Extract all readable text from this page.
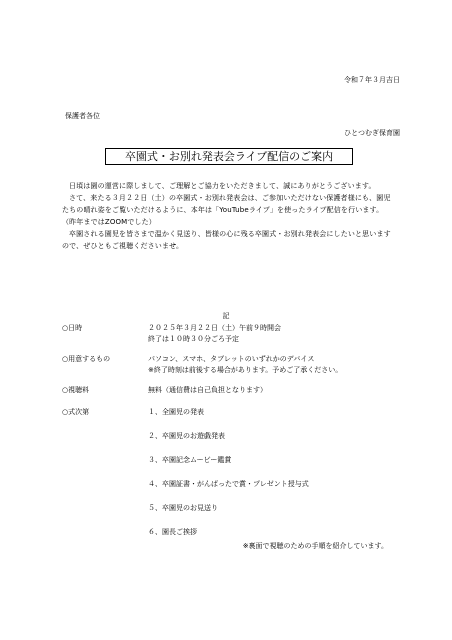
令和７年３月吉日
保護者各位
ひとつむぎ保育園
卒園式・お別れ発表会ライブ配信のご案内

日頃は園の運営に際しまして、ご理解とご協力をいただきまして、誠にありがとうございます。

さて、来たる３月２２日（土）の卒園式・お別れ発表会は、ご参加いただけない保護者様にも、園児たちの晴れ姿をご覧いただけるように、本年は「YouTubeライブ」を使ったライブ配信を行います。（昨年まではZOOMでした）

卒園される園児を皆さまで温かく見送り、皆様の心に残る卒園式・お別れ発表会にしたいと思いますので、ぜひともご視聴くださいませ。

記
○日時	２０２５年３月２２日（土）午前９時開会
終了は１０時３０分ごろ予定
○用意するもの	パソコン、スマホ、タブレットのいずれかのデバイス
※終了時刻は前後する場合があります。予めご了承ください。
○視聴料	無料（通信費は自己負担となります）
○式次第	１、全園児の発表
２、卒園児のお遊戯発表
３、卒園記念ムービー鑑賞
４、卒園証書・がんばったで賞・プレゼント授与式
５、卒園児のお見送り
６、園長ご挨拶
※裏面で視聴のための手順を紹介しています。
